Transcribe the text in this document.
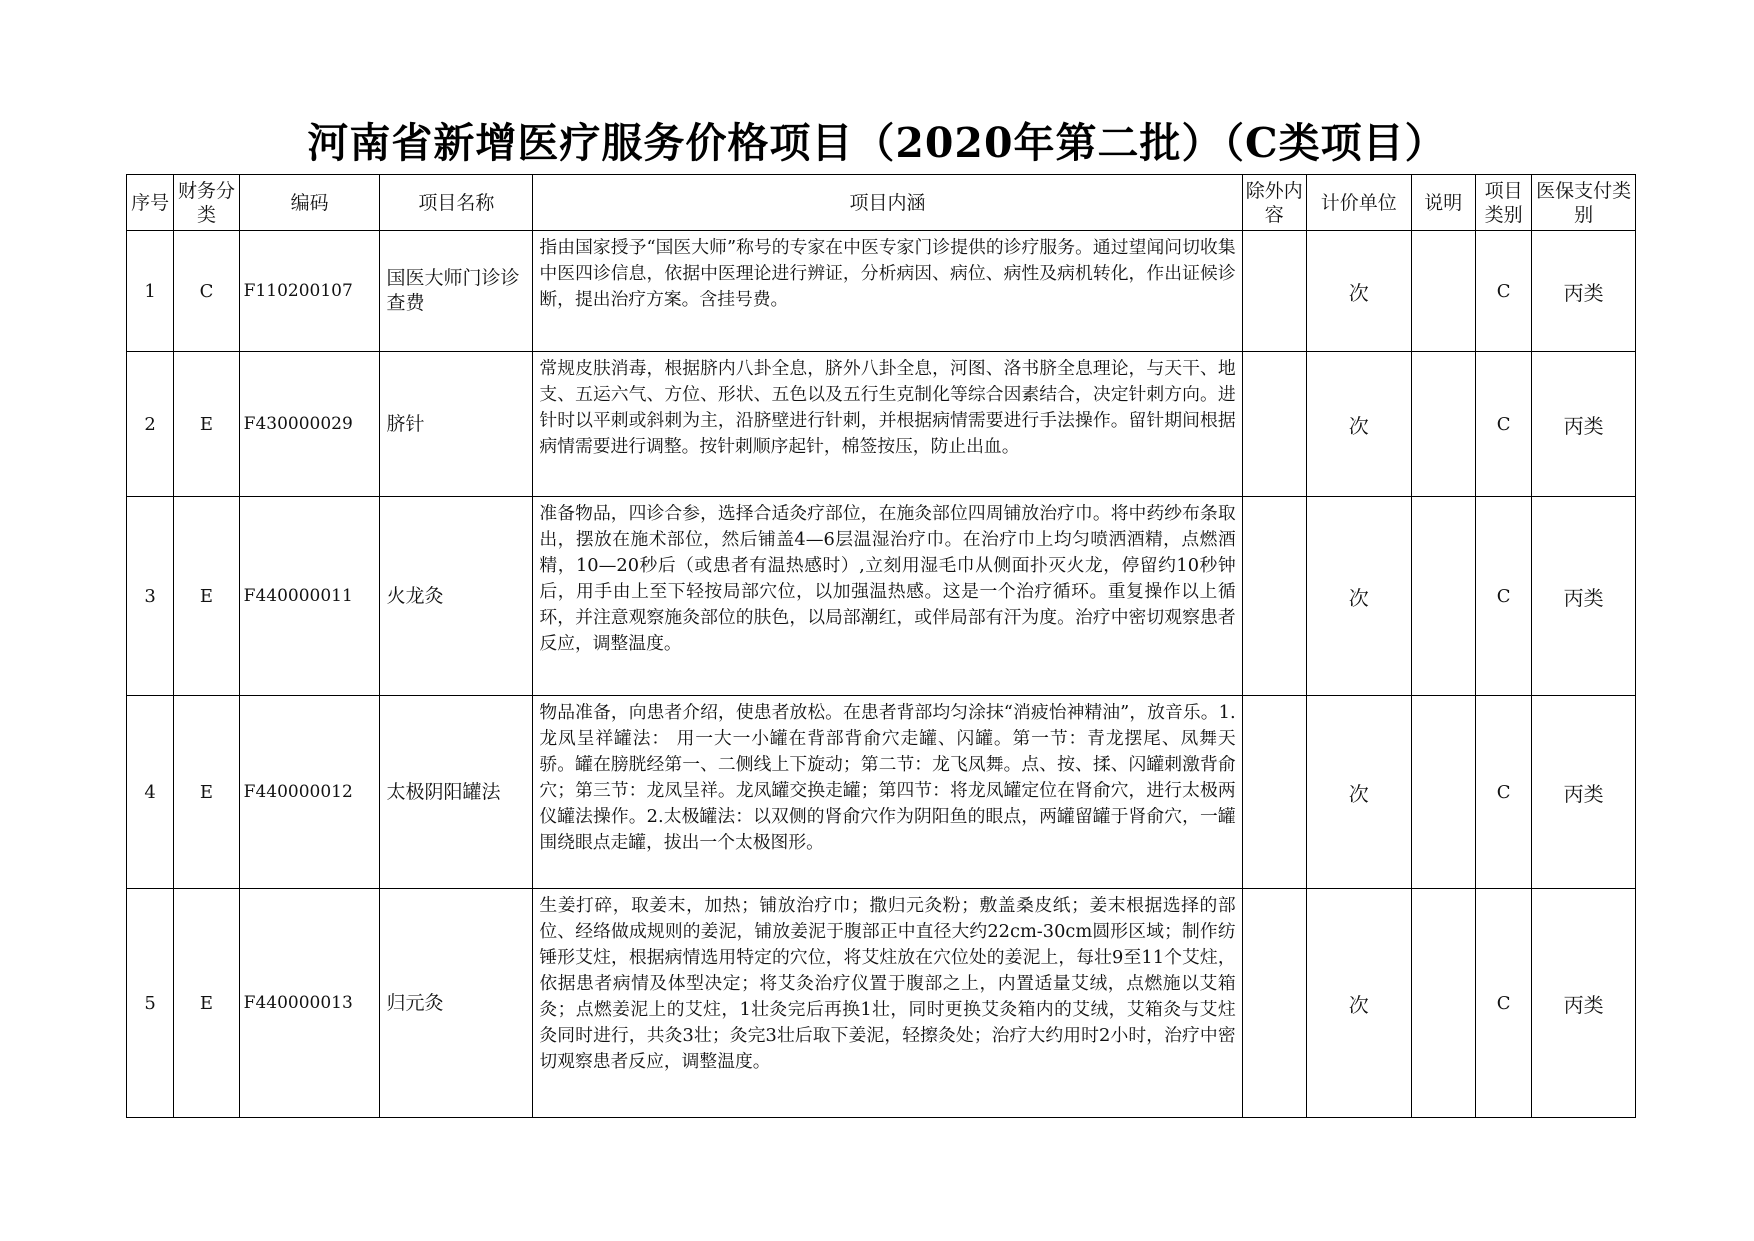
河南省新增医疗服务价格项目（2020年第二批）（C类项目）
序号	财务分类	编码	项目名称	项目内涵	除外内容	计价单位	说明	项目类别	医保支付类别
1	C	F110200107	国医大师门诊诊查费	指由国家授予“国医大师”称号的专家在中医专家门诊提供的诊疗服务。通过望闻问切收集中医四诊信息，依据中医理论进行辨证，分析病因、病位、病性及病机转化，作出证候诊断，提出治疗方案。含挂号费。		次		C	丙类
2	E	F430000029	脐针	常规皮肤消毒，根据脐内八卦全息，脐外八卦全息，河图、洛书脐全息理论，与天干、地支、五运六气、方位、形状、五色以及五行生克制化等综合因素结合，决定针刺方向。进针时以平刺或斜刺为主，沿脐壁进行针刺，并根据病情需要进行手法操作。留针期间根据病情需要进行调整。按针刺顺序起针，棉签按压，防止出血。		次		C	丙类
3	E	F440000011	火龙灸	准备物品，四诊合参，选择合适灸疗部位，在施灸部位四周铺放治疗巾。将中药纱布条取出，摆放在施术部位，然后铺盖4—6层温湿治疗巾。在治疗巾上均匀喷洒酒精，点燃酒精，10—20秒后（或患者有温热感时）,立刻用湿毛巾从侧面扑灭火龙，停留约10秒钟后，用手由上至下轻按局部穴位，以加强温热感。这是一个治疗循环。重复操作以上循环，并注意观察施灸部位的肤色，以局部潮红，或伴局部有汗为度。治疗中密切观察患者反应，调整温度。		次		C	丙类
4	E	F440000012	太极阴阳罐法	物品准备，向患者介绍，使患者放松。在患者背部均匀涂抹“消疲怡神精油”，放音乐。1.龙凤呈祥罐法： 用一大一小罐在背部背俞穴走罐、闪罐。第一节：青龙摆尾、凤舞天骄。罐在膀胱经第一、二侧线上下旋动；第二节：龙飞凤舞。点、按、揉、闪罐刺激背俞穴；第三节：龙凤呈祥。龙凤罐交换走罐；第四节：将龙凤罐定位在肾俞穴，进行太极两仪罐法操作。2.太极罐法：以双侧的肾俞穴作为阴阳鱼的眼点，两罐留罐于肾俞穴，一罐围绕眼点走罐，拔出一个太极图形。		次		C	丙类
5	E	F440000013	归元灸	生姜打碎，取姜末，加热；铺放治疗巾；撒归元灸粉；敷盖桑皮纸；姜末根据选择的部位、经络做成规则的姜泥，铺放姜泥于腹部正中直径大约22cm-30cm圆形区域；制作纺锤形艾炷，根据病情选用特定的穴位，将艾炷放在穴位处的姜泥上，每壮9至11个艾炷，依据患者病情及体型决定；将艾灸治疗仪置于腹部之上，内置适量艾绒，点燃施以艾箱灸；点燃姜泥上的艾炷，1壮灸完后再换1壮，同时更换艾灸箱内的艾绒，艾箱灸与艾炷灸同时进行，共灸3壮；灸完3壮后取下姜泥，轻擦灸处；治疗大约用时2小时，治疗中密切观察患者反应，调整温度。		次		C	丙类
